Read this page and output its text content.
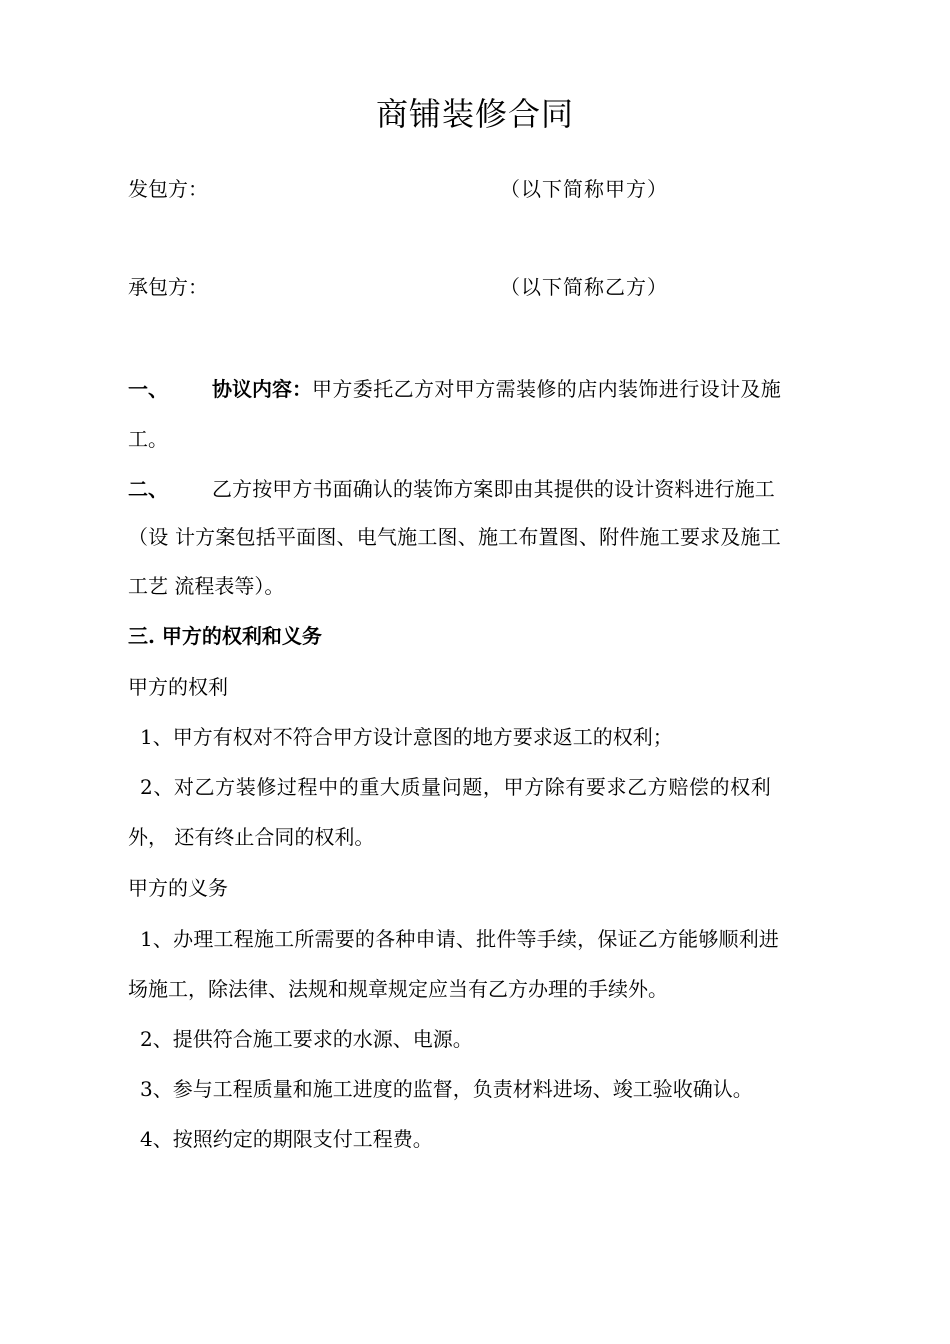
商铺装修合同
发包方：	（以下简称甲方）
承包方：	（以下简称乙方）
一、 协议内容：甲方委托乙方对甲方需装修的店内装饰进行设计及施
工。
二、 乙方按甲方书面确认的装饰方案即由其提供的设计资料进行施工
（设 计方案包括平面图、电气施工图、施工布置图、附件施工要求及施工
工艺 流程表等）。
三. 甲方的权利和义务
甲方的权利
1、甲方有权对不符合甲方设计意图的地方要求返工的权利；
2、对乙方装修过程中的重大质量问题，甲方除有要求乙方赔偿的权利
外， 还有终止合同的权利。
甲方的义务
1、办理工程施工所需要的各种申请、批件等手续，保证乙方能够顺利进
场施工，除法律、法规和规章规定应当有乙方办理的手续外。
2、提供符合施工要求的水源、电源。
3、参与工程质量和施工进度的监督，负责材料进场、竣工验收确认。
4、按照约定的期限支付工程费。
